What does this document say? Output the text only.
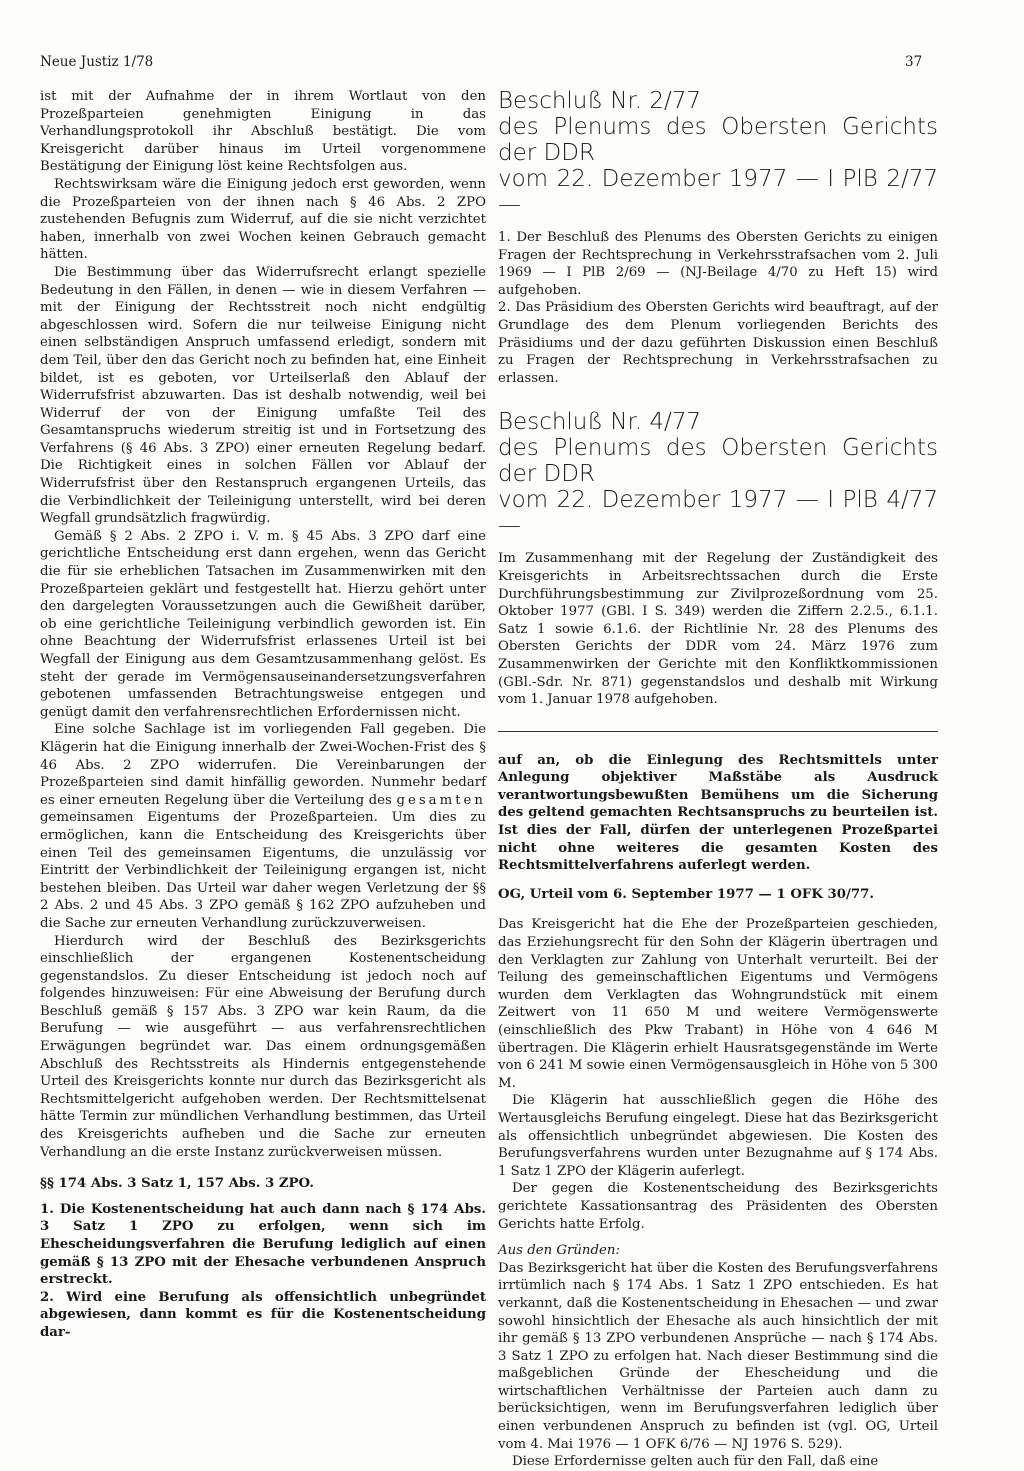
Neue Justiz 1/78	37

ist mit der Aufnahme der in ihrem Wortlaut von den Prozeßparteien genehmigten Einigung in das Verhandlungsprotokoll ihr Abschluß bestätigt. Die vom Kreisgericht darüber hinaus im Urteil vorgenommene Bestätigung der Einigung löst keine Rechtsfolgen aus.

Rechtswirksam wäre die Einigung jedoch erst geworden, wenn die Prozeßparteien von der ihnen nach § 46 Abs. 2 ZPO zustehenden Befugnis zum Widerruf, auf die sie nicht verzichtet haben, innerhalb von zwei Wochen keinen Gebrauch gemacht hätten.

Die Bestimmung über das Widerrufsrecht erlangt spezielle Bedeutung in den Fällen, in denen — wie in diesem Verfahren — mit der Einigung der Rechtsstreit noch nicht endgültig abgeschlossen wird. Sofern die nur teilweise Einigung nicht einen selbständigen Anspruch umfassend erledigt, sondern mit dem Teil, über den das Gericht noch zu befinden hat, eine Einheit bildet, ist es geboten, vor Urteilserlaß den Ablauf der Widerrufsfrist abzuwarten. Das ist deshalb notwendig, weil bei Widerruf der von der Einigung umfaßte Teil des Gesamtanspruchs wiederum streitig ist und in Fortsetzung des Verfahrens (§ 46 Abs. 3 ZPO) einer erneuten Regelung bedarf. Die Richtigkeit eines in solchen Fällen vor Ablauf der Widerrufsfrist über den Restanspruch ergangenen Urteils, das die Verbindlichkeit der Teileinigung unterstellt, wird bei deren Wegfall grundsätzlich fragwürdig.

Gemäß § 2 Abs. 2 ZPO i. V. m. § 45 Abs. 3 ZPO darf eine gerichtliche Entscheidung erst dann ergehen, wenn das Gericht die für sie erheblichen Tatsachen im Zusammenwirken mit den Prozeßparteien geklärt und festgestellt hat. Hierzu gehört unter den dargelegten Voraussetzungen auch die Gewißheit darüber, ob eine gerichtliche Teileinigung verbindlich geworden ist. Ein ohne Beachtung der Widerrufsfrist erlassenes Urteil ist bei Wegfall der Einigung aus dem Gesamtzusammenhang gelöst. Es steht der gerade im Vermögensauseinandersetzungsverfahren gebotenen umfassenden Betrachtungsweise entgegen und genügt damit den verfahrensrechtlichen Erfordernissen nicht.

Eine solche Sachlage ist im vorliegenden Fall gegeben. Die Klägerin hat die Einigung innerhalb der Zwei-Wochen-Frist des § 46 Abs. 2 ZPO widerrufen. Die Vereinbarungen der Prozeßparteien sind damit hinfällig geworden. Nunmehr bedarf es einer erneuten Regelung über die Verteilung des gesamten gemeinsamen Eigentums der Prozeßparteien. Um dies zu ermöglichen, kann die Entscheidung des Kreisgerichts über einen Teil des gemeinsamen Eigentums, die unzulässig vor Eintritt der Verbindlichkeit der Teileinigung ergangen ist, nicht bestehen bleiben. Das Urteil war daher wegen Verletzung der §§ 2 Abs. 2 und 45 Abs. 3 ZPO gemäß § 162 ZPO aufzuheben und die Sache zur erneuten Verhandlung zurückzuverweisen.

Hierdurch wird der Beschluß des Bezirksgerichts einschließlich der ergangenen Kostenentscheidung gegenstandslos. Zu dieser Entscheidung ist jedoch noch auf folgendes hinzuweisen: Für eine Abweisung der Berufung durch Beschluß gemäß § 157 Abs. 3 ZPO war kein Raum, da die Berufung — wie ausgeführt — aus verfahrensrechtlichen Erwägungen begründet war. Das einem ordnungsgemäßen Abschluß des Rechtsstreits als Hindernis entgegenstehende Urteil des Kreisgerichts konnte nur durch das Bezirksgericht als Rechtsmittelgericht aufgehoben werden. Der Rechtsmittelsenat hätte Termin zur mündlichen Verhandlung bestimmen, das Urteil des Kreisgerichts aufheben und die Sache zur erneuten Verhandlung an die erste Instanz zurückverweisen müssen.

§§ 174 Abs. 3 Satz 1, 157 Abs. 3 ZPO.

1. Die Kostenentscheidung hat auch dann nach § 174 Abs. 3 Satz 1 ZPO zu erfolgen, wenn sich im Ehescheidungsverfahren die Berufung lediglich auf einen gemäß § 13 ZPO mit der Ehesache verbundenen Anspruch erstreckt.

2. Wird eine Berufung als offensichtlich unbegründet abgewiesen, dann kommt es für die Kostenentscheidung dar-

Beschluß Nr. 2/77

des Plenums des Obersten Gerichts der DDR

vom 22. Dezember 1977 — I PlB 2/77 —

1. Der Beschluß des Plenums des Obersten Gerichts zu einigen Fragen der Rechtsprechung in Verkehrsstrafsachen vom 2. Juli 1969 — I PlB 2/69 — (NJ-Beilage 4/70 zu Heft 15) wird aufgehoben.

2. Das Präsidium des Obersten Gerichts wird beauftragt, auf der Grundlage des dem Plenum vorliegenden Berichts des Präsidiums und der dazu geführten Diskussion einen Beschluß zu Fragen der Rechtsprechung in Verkehrsstrafsachen zu erlassen.

Beschluß Nr. 4/77

des Plenums des Obersten Gerichts der DDR

vom 22. Dezember 1977 — I PlB 4/77 —

Im Zusammenhang mit der Regelung der Zuständigkeit des Kreisgerichts in Arbeitsrechtssachen durch die Erste Durchführungsbestimmung zur Zivilprozeßordnung vom 25. Oktober 1977 (GBl. I S. 349) werden die Ziffern 2.2.5., 6.1.1. Satz 1 sowie 6.1.6. der Richtlinie Nr. 28 des Plenums des Obersten Gerichts der DDR vom 24. März 1976 zum Zusammenwirken der Gerichte mit den Konfliktkommissionen (GBl.-Sdr. Nr. 871) gegenstandslos und deshalb mit Wirkung vom 1. Januar 1978 aufgehoben.

auf an, ob die Einlegung des Rechtsmittels unter Anlegung objektiver Maßstäbe als Ausdruck verantwortungsbewußten Bemühens um die Sicherung des geltend gemachten Rechtsanspruchs zu beurteilen ist. Ist dies der Fall, dürfen der unterlegenen Prozeßpartei nicht ohne weiteres die gesamten Kosten des Rechtsmittelverfahrens auferlegt werden.

OG, Urteil vom 6. September 1977 — 1 OFK 30/77.

Das Kreisgericht hat die Ehe der Prozeßparteien geschieden, das Erziehungsrecht für den Sohn der Klägerin übertragen und den Verklagten zur Zahlung von Unterhalt verurteilt. Bei der Teilung des gemeinschaftlichen Eigentums und Vermögens wurden dem Verklagten das Wohngrundstück mit einem Zeitwert von 11 650 M und weitere Vermögenswerte (einschließlich des Pkw Trabant) in Höhe von 4 646 M übertragen. Die Klägerin erhielt Hausratsgegenstände im Werte von 6 241 M sowie einen Vermögensausgleich in Höhe von 5 300 M.

Die Klägerin hat ausschließlich gegen die Höhe des Wertausgleichs Berufung eingelegt. Diese hat das Bezirksgericht als offensichtlich unbegründet abgewiesen. Die Kosten des Berufungsverfahrens wurden unter Bezugnahme auf § 174 Abs. 1 Satz 1 ZPO der Klägerin auferlegt.

Der gegen die Kostenentscheidung des Bezirksgerichts gerichtete Kassationsantrag des Präsidenten des Obersten Gerichts hatte Erfolg.

Aus den Gründen:

Das Bezirksgericht hat über die Kosten des Berufungsverfahrens irrtümlich nach § 174 Abs. 1 Satz 1 ZPO entschieden. Es hat verkannt, daß die Kostenentscheidung in Ehesachen — und zwar sowohl hinsichtlich der Ehesache als auch hinsichtlich der mit ihr gemäß § 13 ZPO verbundenen Ansprüche — nach § 174 Abs. 3 Satz 1 ZPO zu erfolgen hat. Nach dieser Bestimmung sind die maßgeblichen Gründe der Ehescheidung und die wirtschaftlichen Verhältnisse der Parteien auch dann zu berücksichtigen, wenn im Berufungsverfahren lediglich über einen verbundenen Anspruch zu befinden ist (vgl. OG, Urteil vom 4. Mai 1976 — 1 OFK 6/76 — NJ 1976 S. 529).

Diese Erfordernisse gelten auch für den Fall, daß eine
